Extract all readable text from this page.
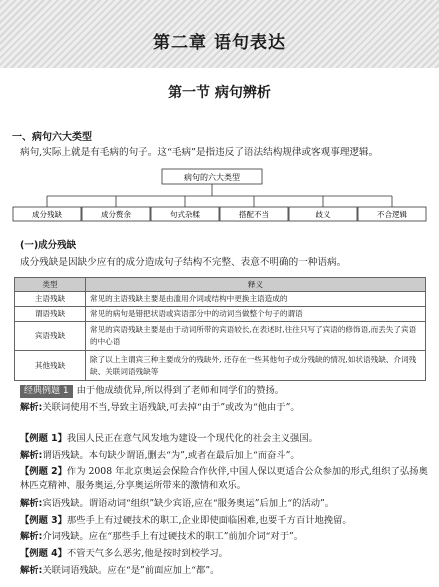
第二章 语句表达
第一节 病句辨析
一、病句六大类型
病句,实际上就是有毛病的句子。这“毛病”是指违反了语法结构规律或客观事理逻辑。
病句的六大类型
成分残缺	成分赘余	句式杂糅	搭配不当	歧义	不合逻辑
(一)成分残缺
成分残缺是因缺少应有的成分造成句子结构不完整、表意不明确的一种语病。
类型	释义
主语残缺	常见的主语残缺主要是由滥用介词或结构中更换主语造成的
谓语残缺	常见的病句是错把状语或宾语部分中的动词当做整个句子的谓语
宾语残缺	常见的宾语残缺主要是由于动词所带的宾语较长,在表述时,往往只写了宾语的修饰语,而丢失了宾语的中心语
其他残缺	除了以上主谓宾三种主要成分的残缺外, 还存在一些其他句子成分残缺的情况,如状语残缺、介词残缺、关联词语残缺等
经典例题 1 由于他成绩优异,所以得到了老师和同学们的赞扬。
解析:关联词使用不当,导致主语残缺,可去掉“由于”或改为“他由于”。
【例题 1】我国人民正在意气风发地为建设一个现代化的社会主义强国。
解析:谓语残缺。本句缺少谓语,删去“为”,或者在最后加上“而奋斗”。
【例题 2】作为 2008 年北京奥运会保险合作伙伴,中国人保以更适合公众参加的形式,组织了弘扬奥林匹克精神、服务奥运,分享奥运所带来的激情和欢乐。
解析:宾语残缺。谓语动词“组织”缺少宾语,应在“服务奥运”后加上“的活动”。
【例题 3】那些手上有过硬技术的职工,企业即使面临困难,也要千方百计地挽留。
解析:介词残缺。应在“那些手上有过硬技术的职工”前加介词“对于”。
【例题 4】不管天气多么恶劣,他是按时到校学习。
解析:关联词语残缺。应在“是”前面应加上“都”。
